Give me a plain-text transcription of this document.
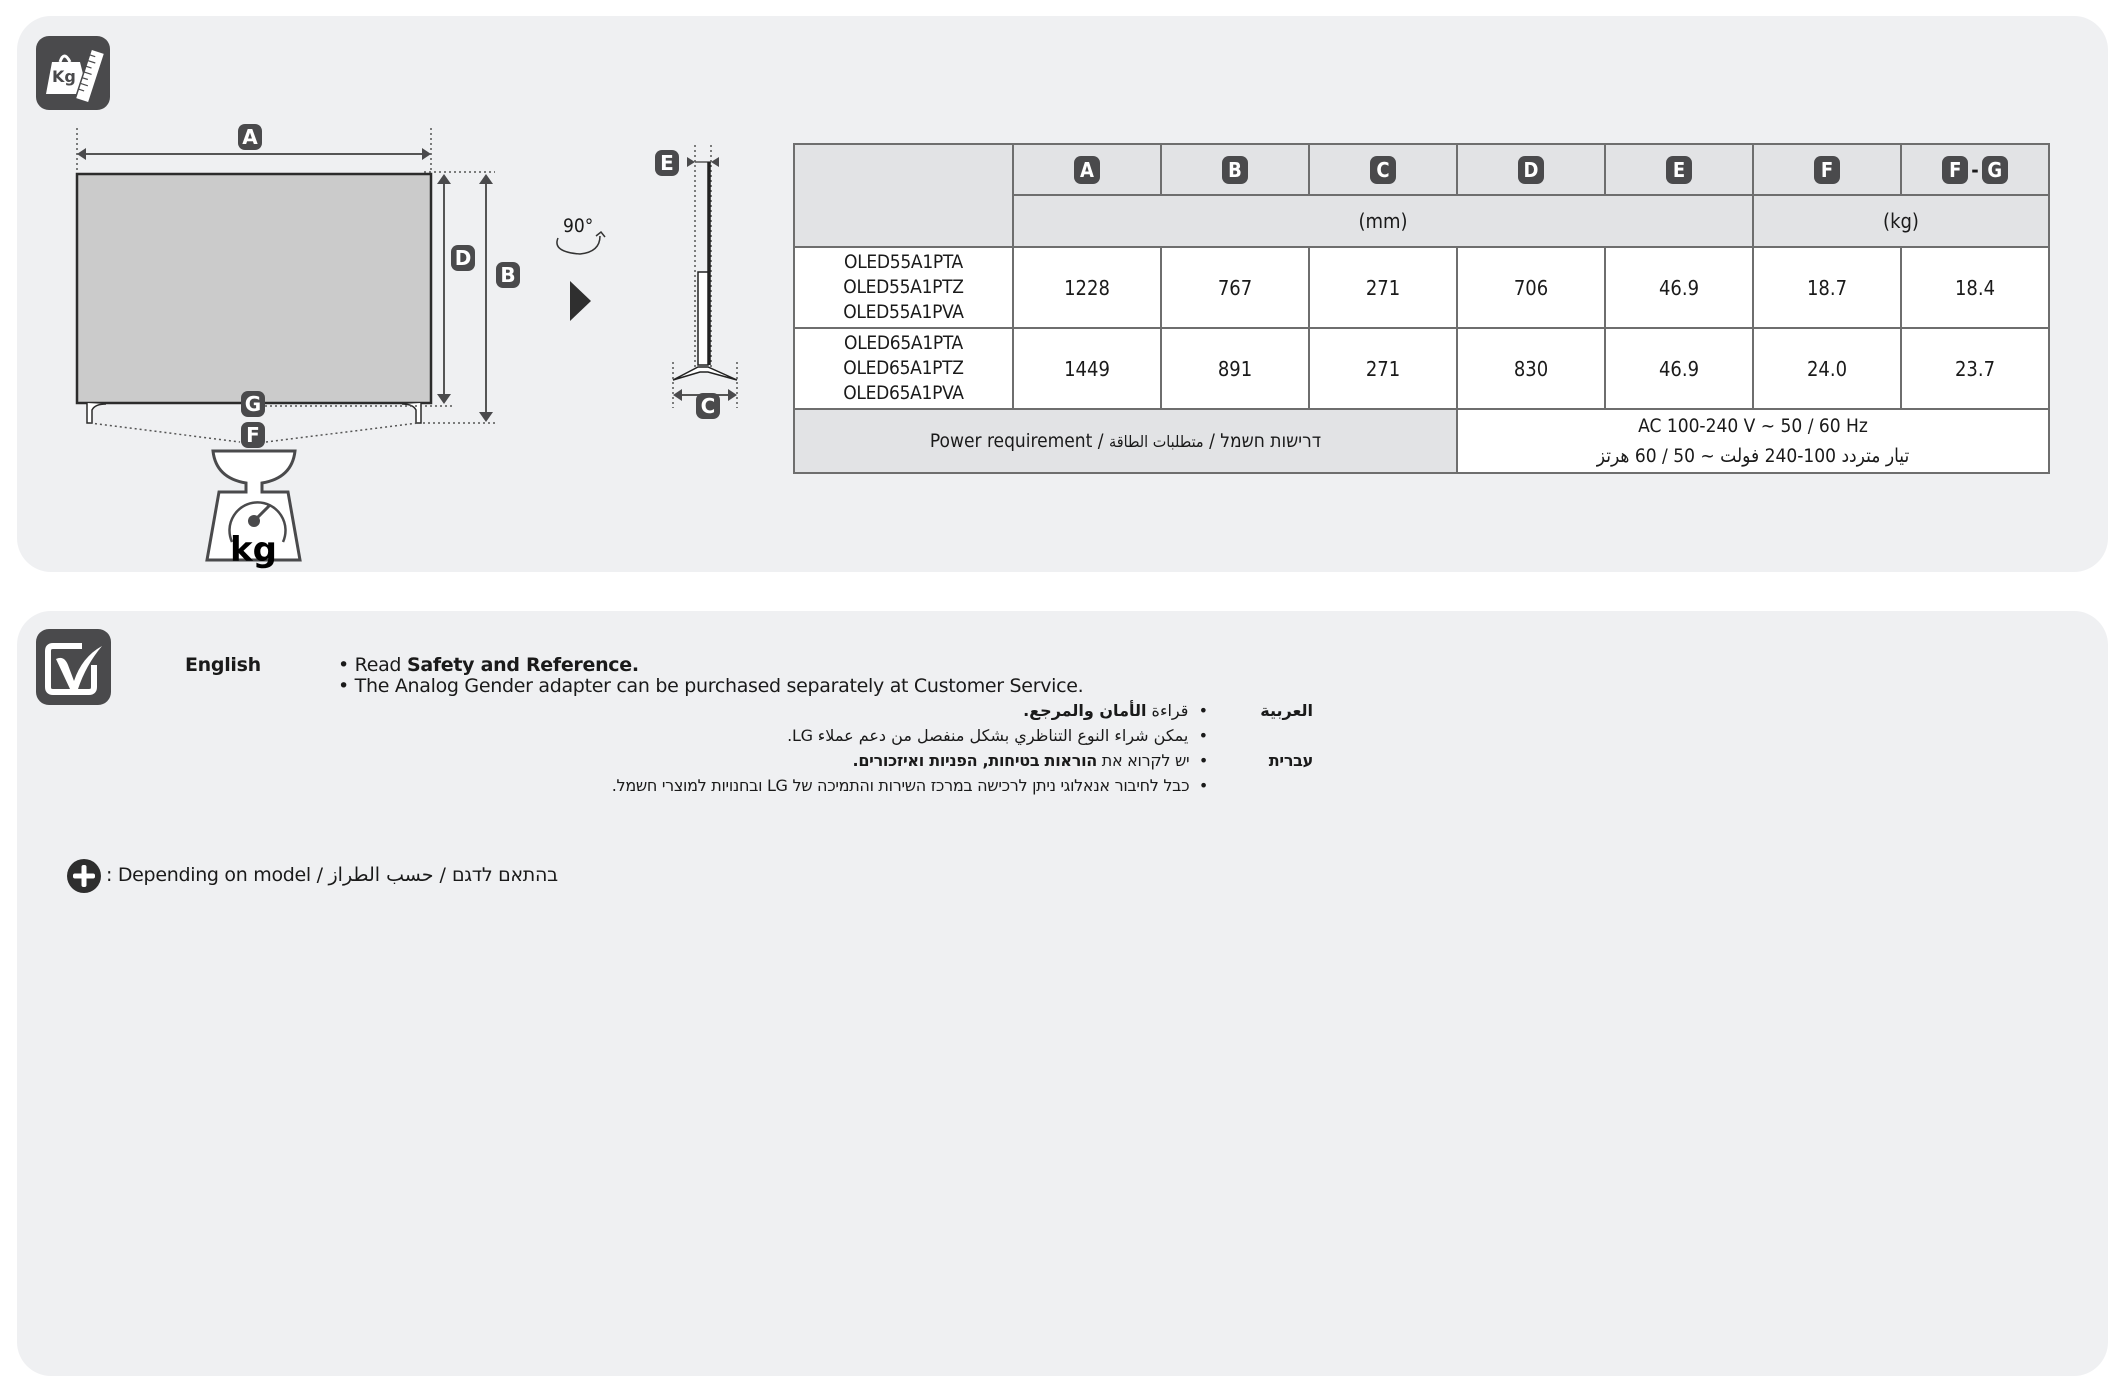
Kg
kg
A
D
B
G
F
90°
E
C
	A	B	C	D	E	F	F - G
	(mm)					(kg)	

OLED55A1PTA
OLED55A1PTZ
OLED55A1PVA	1228	767	271	706	46.9	18.7	18.4

OLED65A1PTA
OLED65A1PTZ
OLED65A1PVA	1449	891	271	830	46.9	24.0	23.7
Power requirement / متطلبات الطاقة / דרישות חשמל				AC 100-240 V ~ 50 / 60 Hz
تيار متردد 100-240 فولت ~ 50 / 60 هرتز			
English	• Read Safety and Reference.
• The Analog Gender adapter can be purchased separately at Customer Service.
العربية
•  قراءة الأمان والمرجع.
•  يمكن شراء النوع التناظري بشكل منفصل من دعم عملاء LG.
עברית
•  יש לקרוא את הוראות בטיחות, הפניות ואיזכורים.
•  כבל לחיבור אנאלוגי ניתן לרכישה במרכז השירות והתמיכה של LG ובחנויות למוצרי חשמל.
: Depending on model / حسب الطراز / בהתאם לדגם
